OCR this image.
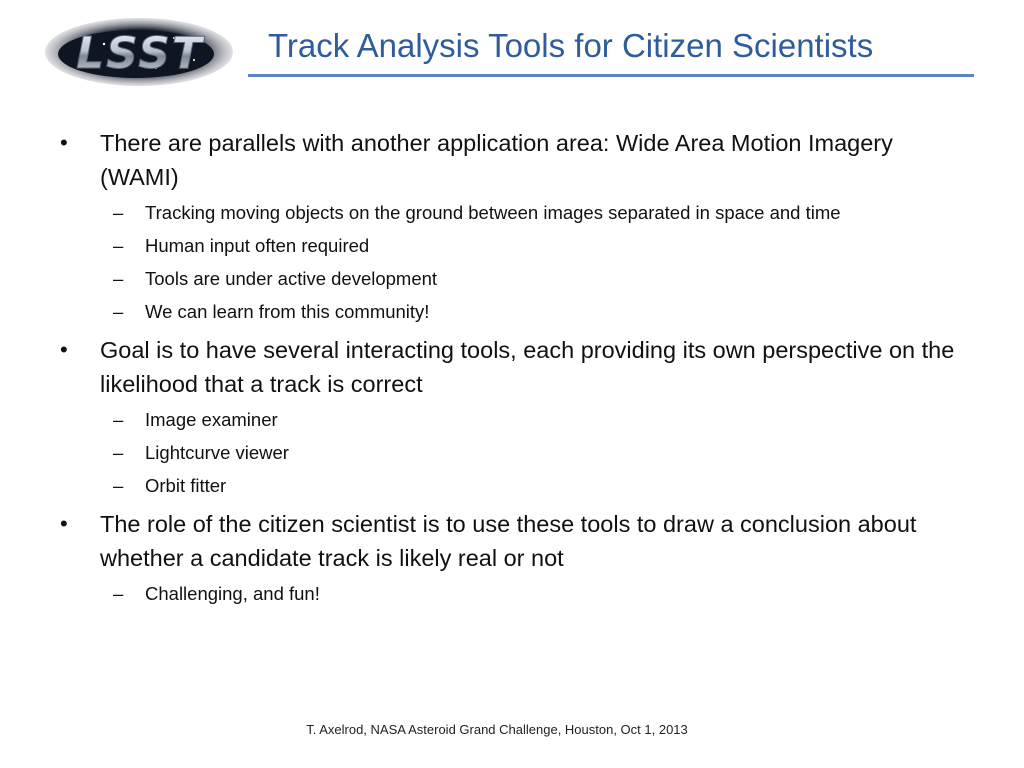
LSST Track Analysis Tools for Citizen Scientists
• There are parallels with another application area: Wide Area Motion Imagery (WAMI)
– Tracking moving objects on the ground between images separated in space and time
– Human input often required
– Tools are under active development
– We can learn from this community!
• Goal is to have several interacting tools, each providing its own perspective on the likelihood that a track is correct
– Image examiner
– Lightcurve viewer
– Orbit fitter
• The role of the citizen scientist is to use these tools to draw a conclusion about whether a candidate track is likely real or not
– Challenging, and fun!
T. Axelrod, NASA Asteroid Grand Challenge, Houston, Oct 1, 2013
